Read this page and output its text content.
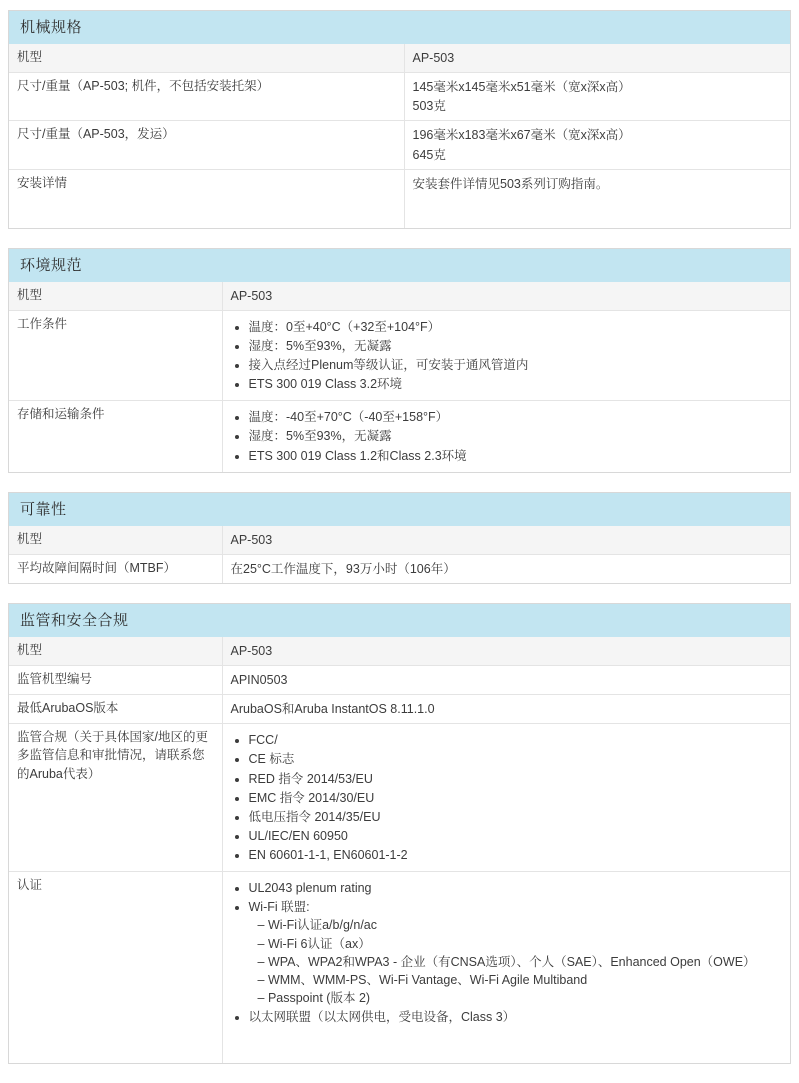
机械规格
机型	AP-503

尺寸/重量（AP-503; 机件，不包括安装托架）	145毫米x145毫米x51毫米（宽x深x高）
503克

尺寸/重量（AP-503，发运）	196毫米x183毫米x67毫米（宽x深x高）
645克

安装详情	安装套件详情见503系列订购指南。
环境规范
机型	AP-503

工作条件	
•温度：0至+40°C（+32至+104°F）
• 湿度：5%至93%，无凝露
• 接入点经过Plenum等级认证，可安装于通风管道内
• ETS 300 019 Class 3.2环境

存储和运输条件	
•温度：-40至+70°C（-40至+158°F）
• 湿度：5%至93%，无凝露
• ETS 300 019 Class 1.2和Class 2.3环境
可靠性
机型	AP-503

平均故障间隔时间（MTBF）	在25°C工作温度下，93万小时（106年）
监管和安全合规
机型	AP-503

监管机型编号	APIN0503

最低ArubaOS版本	ArubaOS和Aruba InstantOS 8.11.1.0

监管合规（关于具体国家/地区的更多监管信息和审批情况，请联系您的Aruba代表）	
• FCC/
• CE 标志
• RED 指令 2014/53/EU
• EMC 指令 2014/30/EU
• 低电压指令 2014/35/EU
• UL/IEC/EN 60950
• EN 60601-1-1, EN60601-1-2

认证	
•UL2043 plenum rating
• Wi-Fi 联盟:
– Wi-Fi认证a/b/g/n/ac
– Wi-Fi 6认证（ax）
– WPA、WPA2和WPA3 - 企业（有CNSA选项）、个人（SAE）、Enhanced Open（OWE）
– WMM、WMM-PS、Wi-Fi Vantage、Wi-Fi Agile Multiband
– Passpoint (版本 2)
• 以太网联盟（以太网供电，受电设备，Class 3）
